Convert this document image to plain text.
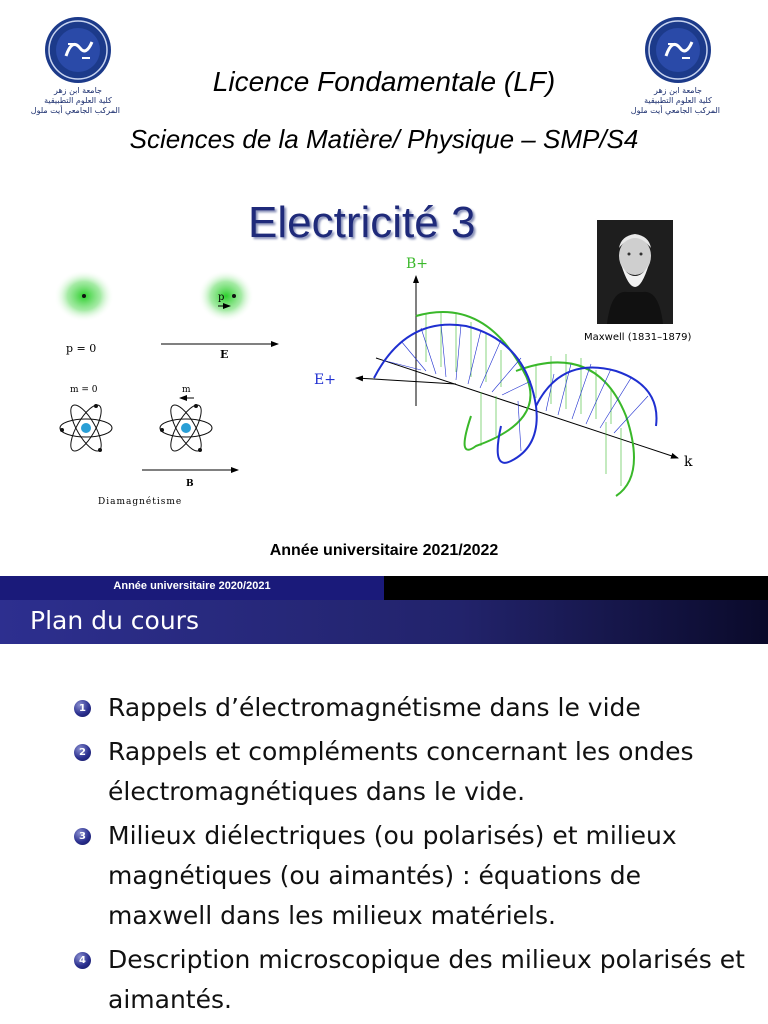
جامعة ابن زهر
كلية العلوم التطبيقية
المركب الجامعي أيت ملول
جامعة ابن زهر
كلية العلوم التطبيقية
المركب الجامعي أيت ملول
Licence Fondamentale (LF)
Sciences de la Matière/ Physique – SMP/S4
Electricité 3
p = 0
p
E
m = 0	m
B
Diamagnétisme
B+
E+
k
Maxwell (1831–1879)
Année universitaire 2021/2022
Année universitaire 2020/2021
Plan du cours
1 Rappels d’électromagnétisme dans le vide
2 Rappels et compléments concernant les ondes électromagnétiques dans le vide.
3 Milieux diélectriques (ou polarisés) et milieux magnétiques (ou aimantés) : équations de maxwell dans les milieux matériels.
4 Description microscopique des milieux polarisés et aimantés.
